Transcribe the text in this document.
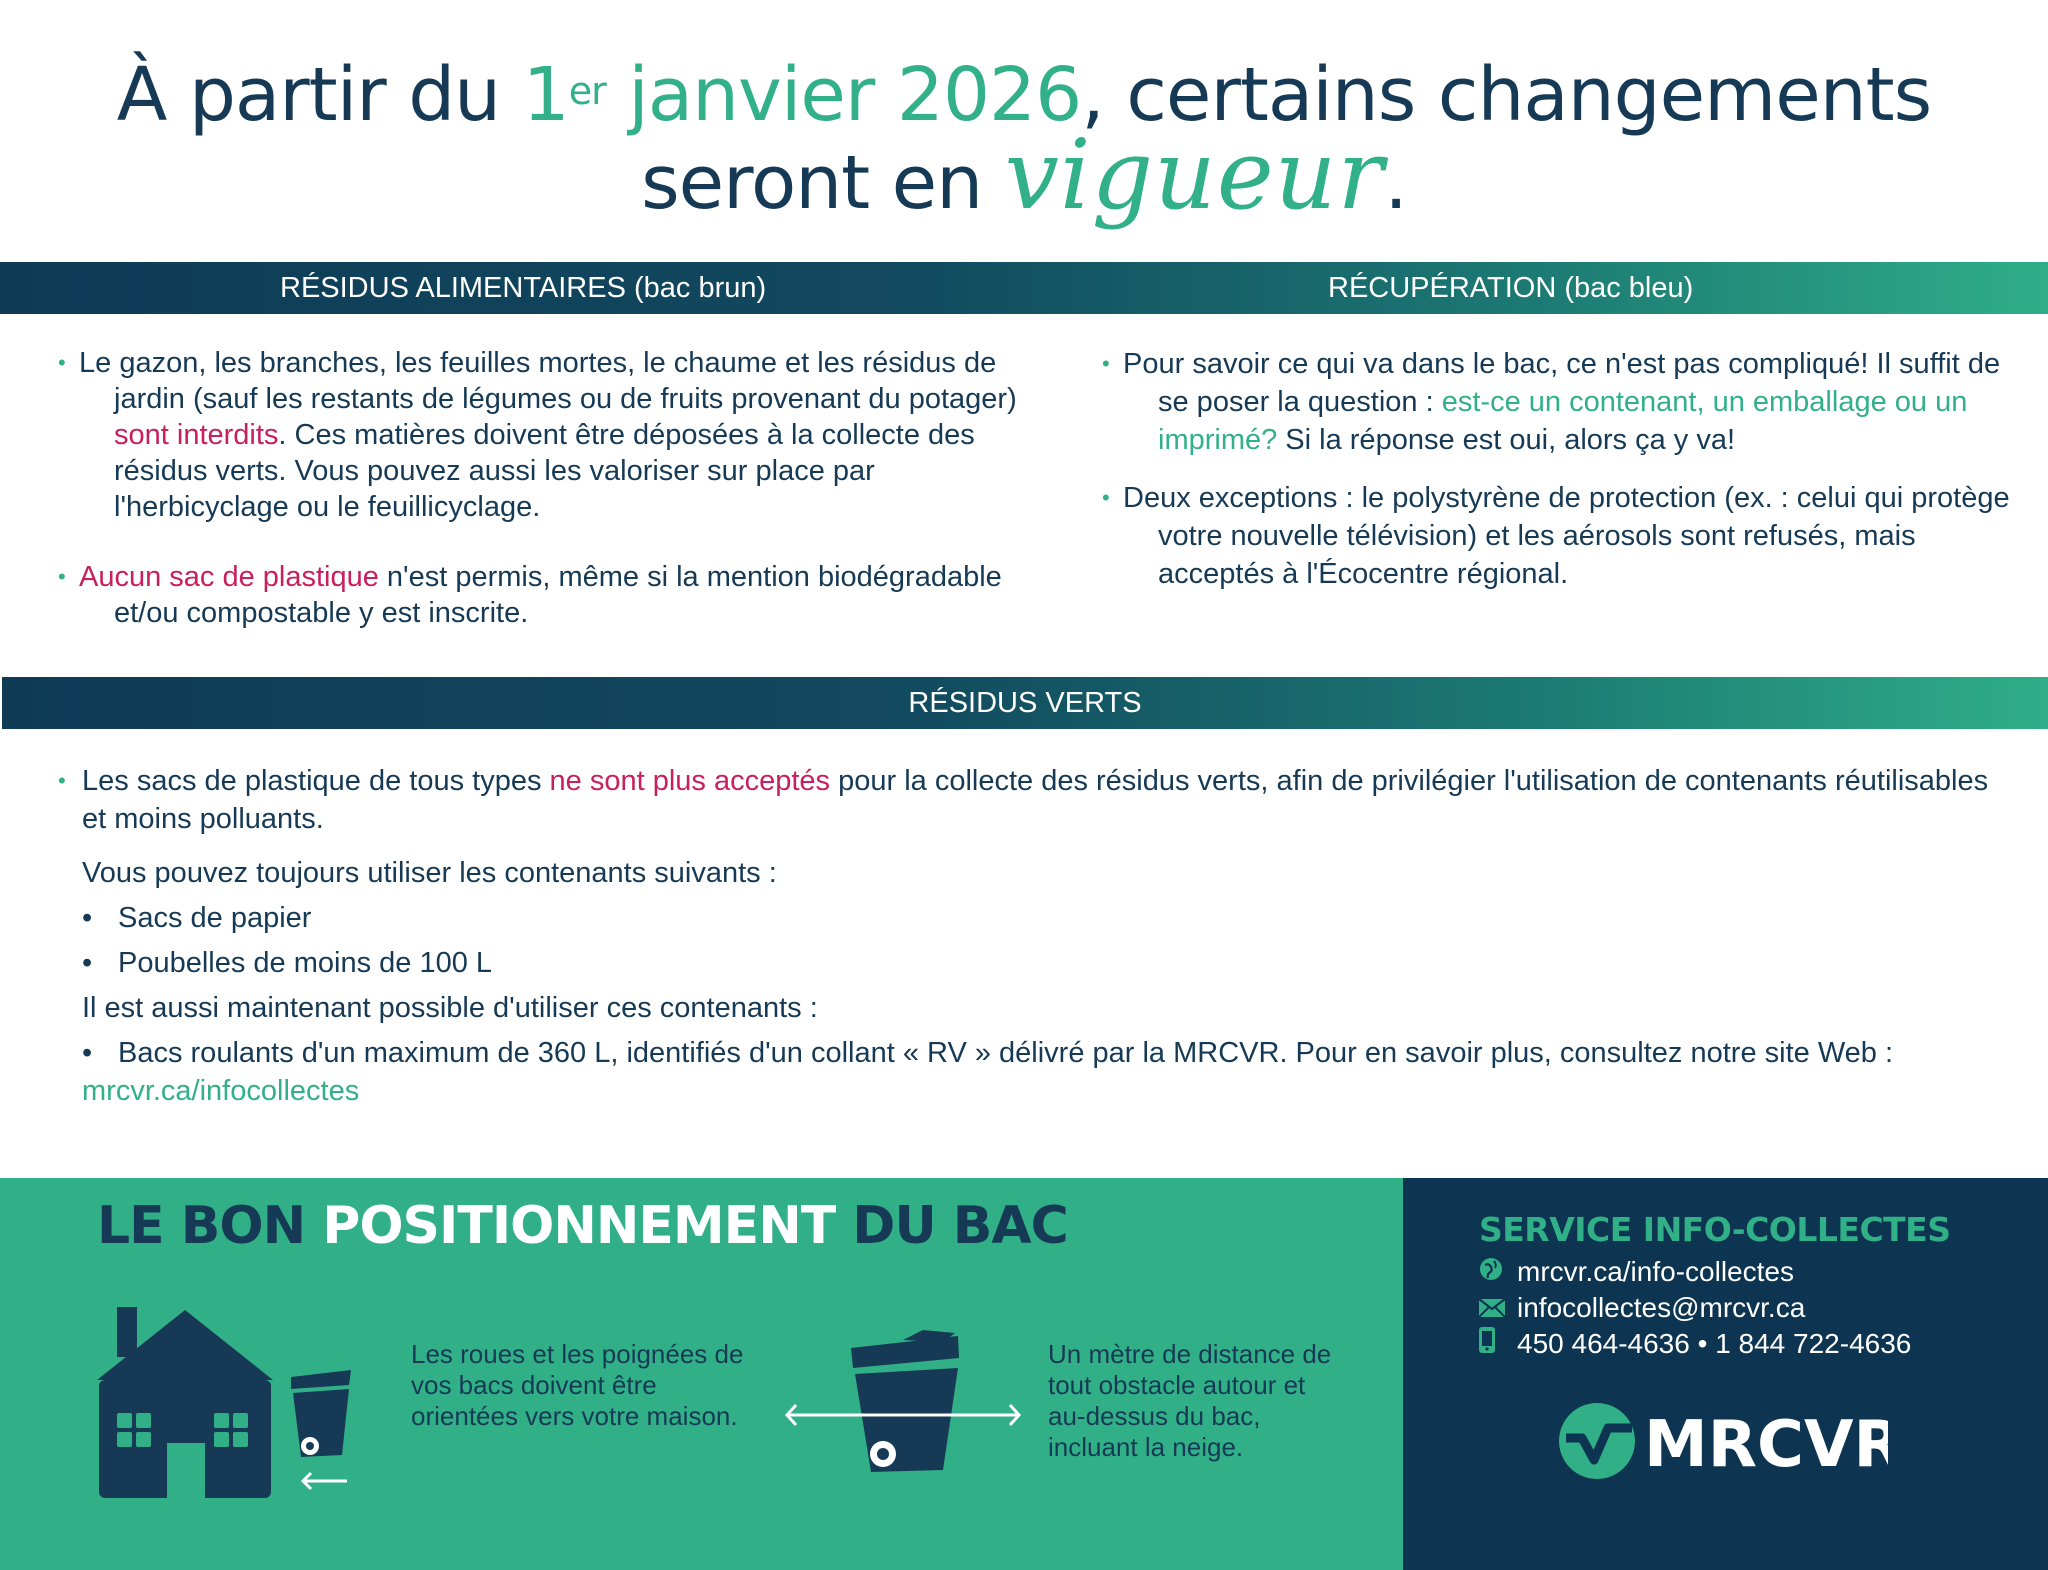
À partir du 1er janvier 2026, certains changements
seront en vigueur.
RÉSIDUS ALIMENTAIRES (bac brun)	RÉCUPÉRATION (bac bleu)
• Le gazon, les branches, les feuilles mortes, le chaume et les résidus de jardin (sauf les restants de légumes ou de fruits provenant du potager) sont interdits. Ces matières doivent être déposées à la collecte des résidus verts. Vous pouvez aussi les valoriser sur place par l'herbicyclage ou le feuillicyclage.
• Aucun sac de plastique n'est permis, même si la mention biodégradable et/ou compostable y est inscrite.
• Pour savoir ce qui va dans le bac, ce n'est pas compliqué! Il suffit de se poser la question : est-ce un contenant, un emballage ou un imprimé? Si la réponse est oui, alors ça y va!
• Deux exceptions : le polystyrène de protection (ex. : celui qui protège votre nouvelle télévision) et les aérosols sont refusés, mais acceptés à l'Écocentre régional.
RÉSIDUS VERTS

• Les sacs de plastique de tous types ne sont plus acceptés pour la collecte des résidus verts, afin de privilégier l'utilisation de contenants réutilisables et moins polluants.

Vous pouvez toujours utiliser les contenants suivants :

• Sacs de papier

• Poubelles de moins de 100 L

Il est aussi maintenant possible d'utiliser ces contenants :

• Bacs roulants d'un maximum de 360 L, identifiés d'un collant « RV » délivré par la MRCVR. Pour en savoir plus, consultez notre site Web : mrcvr.ca/infocollectes

LE BON POSITIONNEMENT DU BAC
Les roues et les poignées de vos bacs doivent être orientées vers votre maison.
Un mètre de distance de tout obstacle autour et au-dessus du bac, incluant la neige.
SERVICE INFO-COLLECTES
mrcvr.ca/info-collectes
infocollectes@mrcvr.ca
450 464-4636 • 1 844 722-4636
MRCVR
